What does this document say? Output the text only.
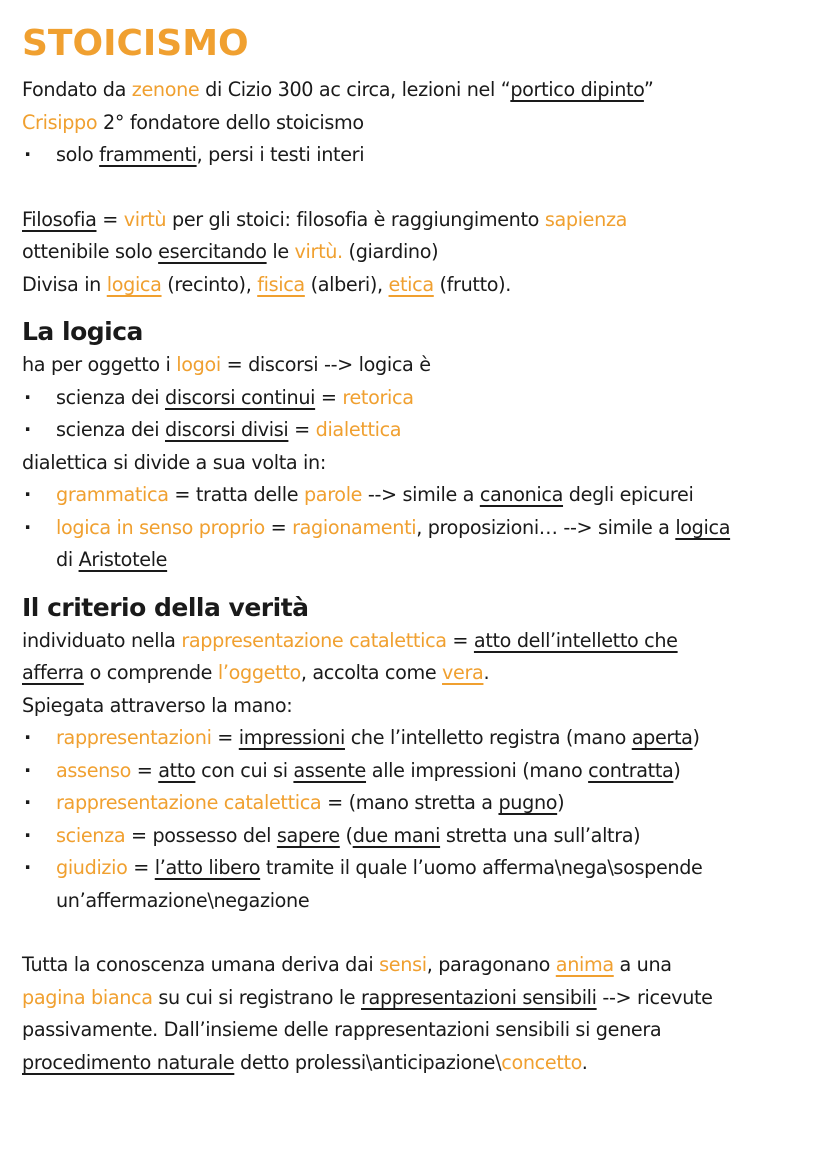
STOICISMO
Fondato da zenone di Cizio 300 ac circa, lezioni nel “portico dipinto”
Crisippo 2° fondatore dello stoicismo
· solo frammenti, persi i testi interi
Filosofia = virtù per gli stoici: filosofia è raggiungimento sapienza
ottenibile solo esercitando le virtù. (giardino)
Divisa in logica (recinto), fisica (alberi), etica (frutto).
La logica
ha per oggetto i logoi = discorsi --> logica è
· scienza dei discorsi continui = retorica
· scienza dei discorsi divisi = dialettica
dialettica si divide a sua volta in:
· grammatica = tratta delle parole --> simile a canonica degli epicurei
· logica in senso proprio = ragionamenti, proposizioni… --> simile a logica
di Aristotele
Il criterio della verità
individuato nella rappresentazione catalettica = atto dell’intelletto che
afferra o comprende l’oggetto, accolta come vera.
Spiegata attraverso la mano:
· rappresentazioni = impressioni che l’intelletto registra (mano aperta)
· assenso = atto con cui si assente alle impressioni (mano contratta)
· rappresentazione catalettica = (mano stretta a pugno)
· scienza = possesso del sapere (due mani stretta una sull’altra)
· giudizio = l’atto libero tramite il quale l’uomo afferma\nega\sospende
un’affermazione\negazione
Tutta la conoscenza umana deriva dai sensi, paragonano anima a una
pagina bianca su cui si registrano le rappresentazioni sensibili --> ricevute
passivamente. Dall’insieme delle rappresentazioni sensibili si genera
procedimento naturale detto prolessi\anticipazione\concetto.
